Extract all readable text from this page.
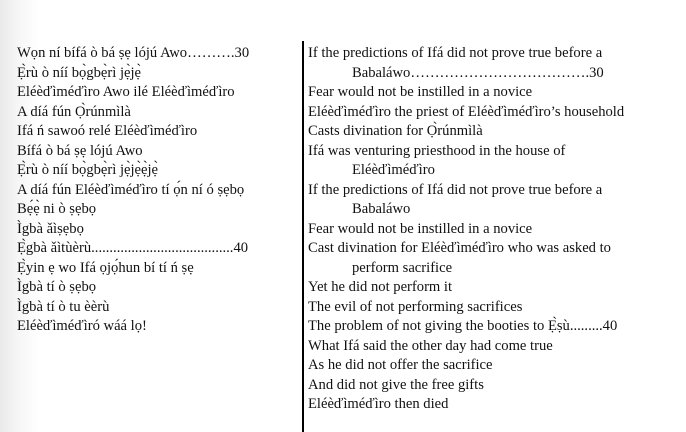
Wọn ní bífá ò bá ṣẹ lójú Awo……….30
Ẹ̀rù ò níí bọ̀gbẹ̀rì jẹ̀jẹ̀
Eléèďìméďìro Awo ilé Eléèďìméďìro
A díá fún Ọ̀rúnmìlà
Ifá ń sawoó relé Eléèďìméďìro
Bífá ò bá ṣẹ lójú Awo
Ẹ̀rù ò níí bọ̀gbẹ̀rì jẹ̀jẹ̀ẹ̀jẹ̀
A díá fún Eléèďìméďìro tí ọ́n ní ó ṣẹbọ
Bẹ́ẹ̀ ni ò ṣẹbọ
Ìgbà ǎìṣẹbọ
Ẹ̀gbà ǎìtùèrù.......................................40
Ẹ̀yin ẹ wo Ifá ọjọ́hun bí tí ń ṣẹ
Ìgbà tí ò ṣẹbọ
Ìgbà tí ò tu èèrù
Eléèďìméďìró wáá lọ!
If the predictions of Ifá did not prove true before a
Babaláwo……………………………….30
Fear would not be instilled in a novice
Eléèďìméďìro the priest of Eléèďìméďìro’s household
Casts divination for Ọ̀rúnmìlà
Ifá was venturing priesthood in the house of
Eléèďìméďìro
If the predictions of Ifá did not prove true before a
Babaláwo
Fear would not be instilled in a novice
Cast divination for Eléèďìméďìro who was asked to
perform sacrifice
Yet he did not perform it
The evil of not performing sacrifices
The problem of not giving the booties to Ẹ̀ṣù.........40
What Ifá said the other day had come true
As he did not offer the sacrifice
And did not give the free gifts
Eléèďìméďìro then died
